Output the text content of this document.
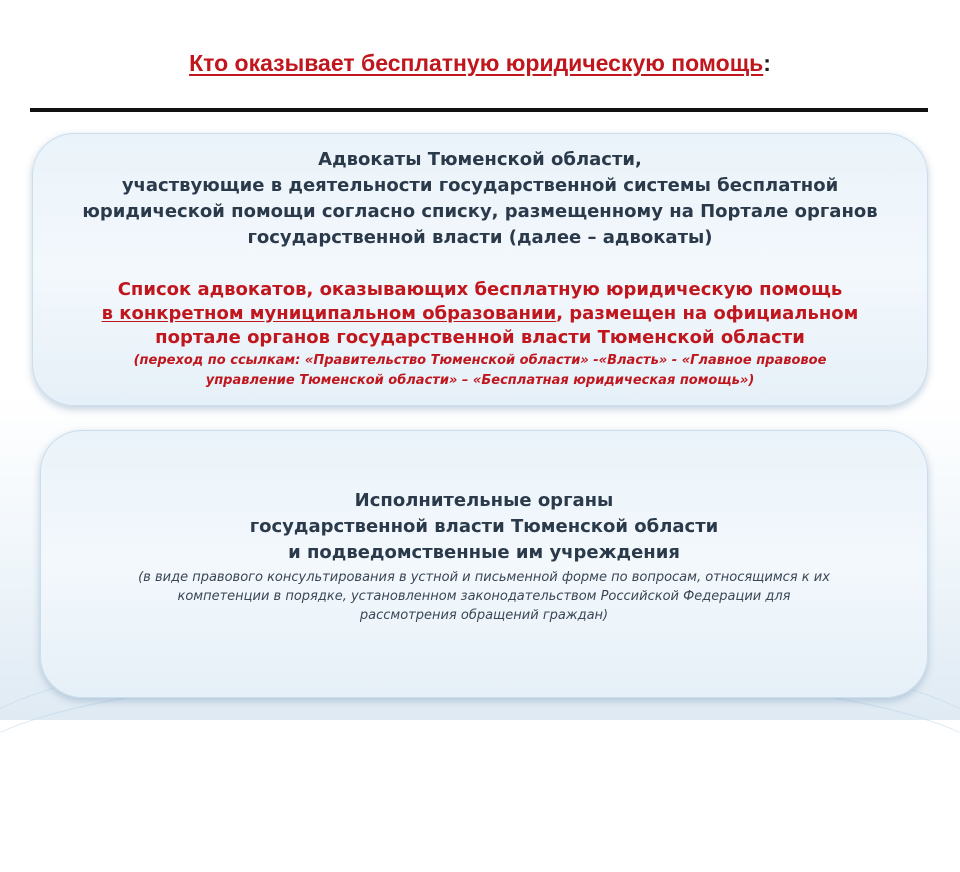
Кто оказывает бесплатную юридическую помощь:
Адвокаты Тюменской области,
участвующие в деятельности государственной системы бесплатной
юридической помощи согласно списку, размещенному на Портале органов
государственной власти (далее – адвокаты)
Список адвокатов, оказывающих бесплатную юридическую помощь
в конкретном муниципальном образовании, размещен на официальном
портале органов государственной власти Тюменской области
(переход по ссылкам: «Правительство Тюменской области» -«Власть» - «Главное правовое
управление Тюменской области» – «Бесплатная юридическая помощь»)
Исполнительные органы
государственной власти Тюменской области
и подведомственные им учреждения
(в виде правового консультирования в устной и письменной форме по вопросам, относящимся к их
компетенции в порядке, установленном законодательством Российской Федерации для
рассмотрения обращений граждан)
